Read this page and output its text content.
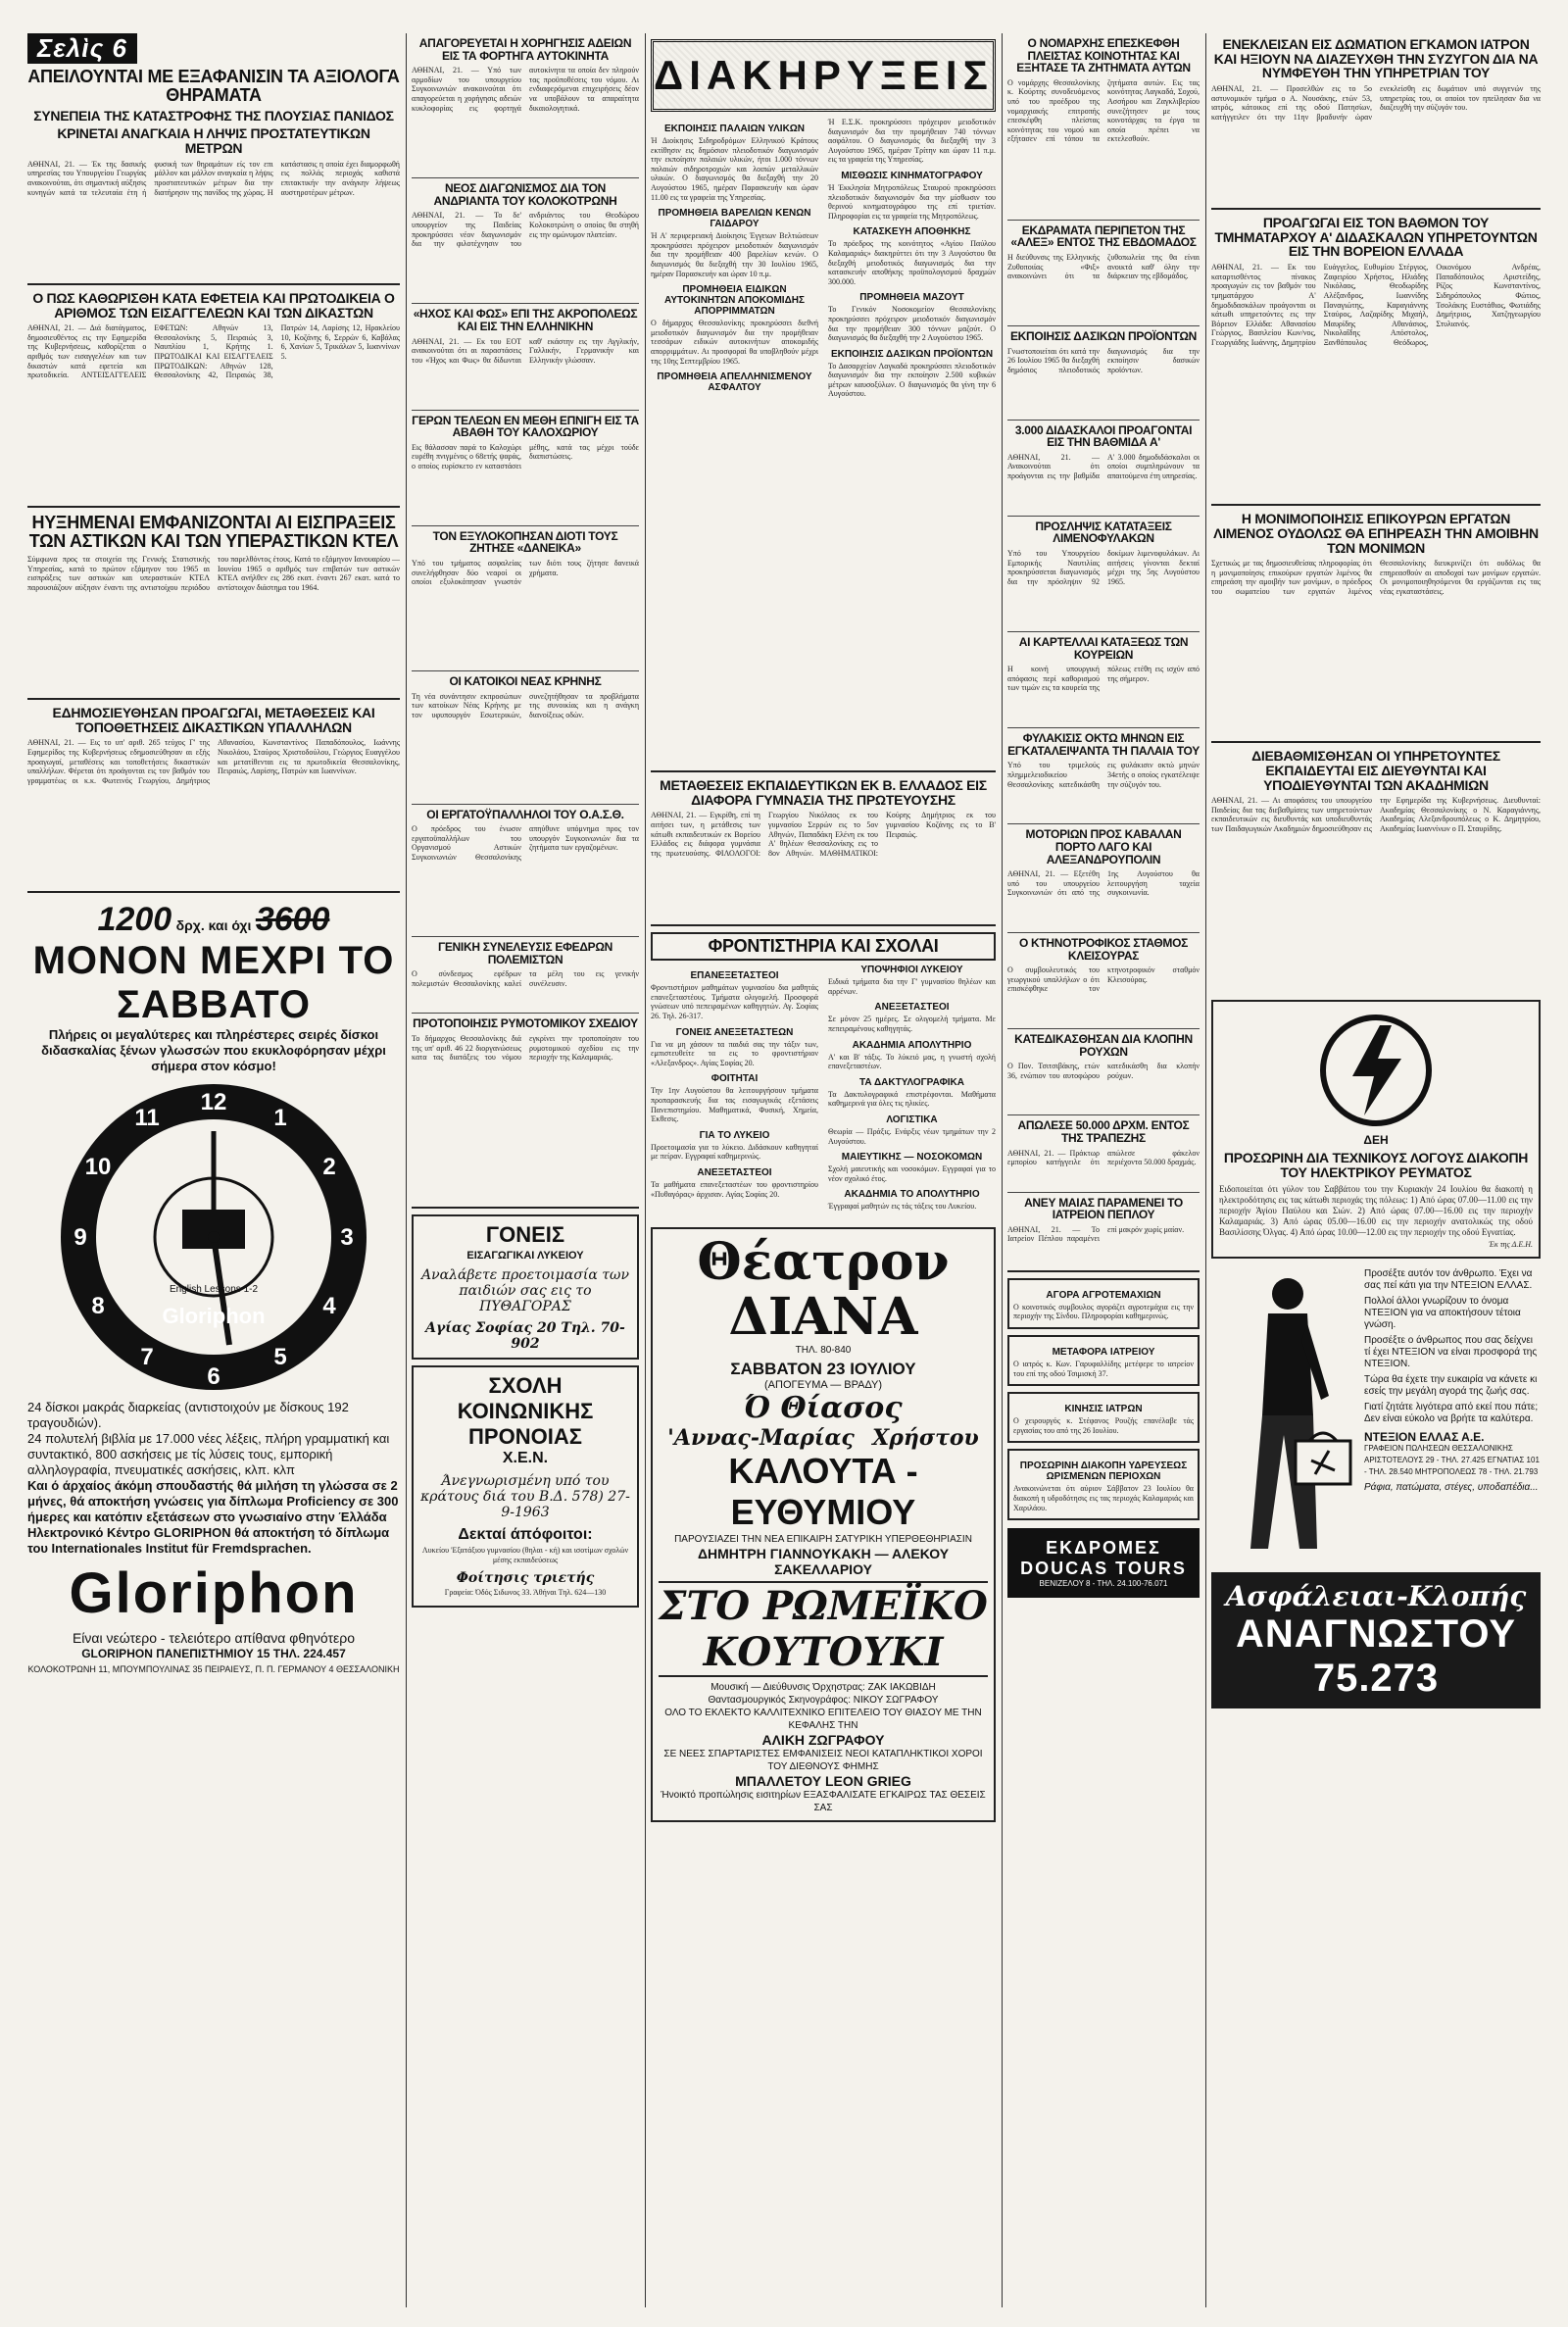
Σελὶς 6
ΑΠΕΙΛΟΥΝΤΑΙ ΜΕ ΕΞΑΦΑΝΙΣΙΝ ΤΑ ΑΞΙΟΛΟΓΑ ΘΗΡΑΜΑΤΑ
ΣΥΝΕΠΕΙΑ ΤΗΣ ΚΑΤΑΣΤΡΟΦΗΣ ΤΗΣ ΠΛΟΥΣΙΑΣ ΠΑΝΙΔΟΣ
ΚΡΙΝΕΤΑΙ ΑΝΑΓΚΑΙΑ Η ΛΗΨΙΣ ΠΡΟΣΤΑΤΕΥΤΙΚΩΝ ΜΕΤΡΩΝ
ΑΘΗΝΑΙ, 21. — Έκ της δασικής υπηρεσίας του Υπουργείου Γεωργίας ανακοινούται, ότι σημαντική αύξησις κυνηγών κατά τα τελευταία έτη ή φυσική των θηραμάτων είς τον επι μάλλον και μάλλον αναγκαία η λήψις προστατευτικών μέτρων δια την διατήρησιν της πανίδος της χώρας. Η κατάστασις η οποία έχει διαμορφωθή εις πολλάς περιοχάς καθιστά επιτακτικήν την ανάγκην λήψεως αυστηροτέρων μέτρων.
Ο ΠΩΣ ΚΑΘΩΡΙΣΘΗ ΚΑΤΑ ΕΦΕΤΕΙΑ ΚΑΙ ΠΡΩΤΟΔΙΚΕΙΑ Ο ΑΡΙΘΜΟΣ ΤΩΝ ΕΙΣΑΓΓΕΛΕΩΝ ΚΑΙ ΤΩΝ ΔΙΚΑΣΤΩΝ
ΑΘΗΝΑΙ, 21. — Διά διατάγματος, δημοσιευθέντος εις την Εφημερίδα της Κυβερνήσεως, καθορίζεται ο αριθμός των εισαγγελέων και των δικαστών κατά εφετεία και πρωτοδικεία. ΑΝΤΕΙΣΑΓΓΕΛΕΙΣ ΕΦΕΤΩΝ: Αθηνών 13, Θεσσαλονίκης 5, Πειραιώς 3, Ναυπλίου 1, Κρήτης 1. ΠΡΩΤΟΔΙΚΑΙ ΚΑΙ ΕΙΣΑΓΓΕΛΕΙΣ ΠΡΩΤΟΔΙΚΩΝ: Αθηνών 128, Θεσσαλονίκης 42, Πειραιώς 38, Πατρών 14, Λαρίσης 12, Ηρακλείου 10, Κοζάνης 6, Σερρών 6, Καβάλας 6, Χανίων 5, Τρικάλων 5, Ιωαννίνων 5.
ΗΥΞΗΜΕΝΑΙ ΕΜΦΑΝΙΖΟΝΤΑΙ ΑΙ ΕΙΣΠΡΑΞΕΙΣ ΤΩΝ ΑΣΤΙΚΩΝ ΚΑΙ ΤΩΝ ΥΠΕΡΑΣΤΙΚΩΝ ΚΤΕΛ
Σύμφωνα προς τα στοιχεία της Γενικής Στατιστικής Υπηρεσίας, κατά το πρώτον εξάμηνον του 1965 αι εισπράξεις των αστικών και υπεραστικών ΚΤΕΛ παρουσιάζουν αύξησιν έναντι της αντιστοίχου περιόδου του παρελθόντος έτους. Κατά το εξάμηνον Ιανουαρίου — Ιουνίου 1965 ο αριθμός των επιβατών των αστικών ΚΤΕΛ ανήλθεν εις 286 εκατ. έναντι 267 εκατ. κατά το αντίστοιχον διάστημα του 1964.
ΕΔΗΜΟΣΙΕΥΘΗΣΑΝ ΠΡΟΑΓΩΓΑΙ, ΜΕΤΑΘΕΣΕΙΣ ΚΑΙ ΤΟΠΟΘΕΤΗΣΕΙΣ ΔΙΚΑΣΤΙΚΩΝ ΥΠΑΛΛΗΛΩΝ
ΑΘΗΝΑΙ, 21. — Εις το υπ' αριθ. 265 τεύχος Γ' της Εφημερίδος της Κυβερνήσεως εδημοσιεύθησαν αι εξής προαγωγαί, μεταθέσεις και τοποθετήσεις δικαστικών υπαλλήλων. Φέρεται ότι προάγονται εις τον βαθμόν του γραμματέως οι κ.κ. Φωτεινός Γεωργίου, Δημήτριος Αθανασίου, Κωνσταντίνος Παπαδόπουλος, Ιωάννης Νικολάου, Σταύρος Χριστοδούλου, Γεώργιος Ευαγγέλου και μετατίθενται εις τα πρωτοδικεία Θεσσαλονίκης, Πειραιώς, Λαρίσης, Πατρών και Ιωαννίνων.
1200 δρχ. και όχι 3600
ΜΟΝΟΝ ΜΕΧΡΙ ΤΟ ΣΑΒΒΑΤΟ
Πλήρεις οι μεγαλύτερες και πληρέστερες σειρές δίσκοι διδασκαλίας ξένων γλωσσών που εκυκλοφόρησαν μέχρι σήμερα στον κόσμο!
12
1
2
3
4
5
6
7
8
9
10
11
English Lessons 1-2
Gloriphon
24 δίσκοι μακράς διαρκείας (αντιστοιχούν με δίσκους 192 τραγουδιών).
24 πολυτελή βιβλία με 17.000 νέες λέξεις, πλήρη γραμματική και συντακτικό, 800 ασκήσεις με τίς λύσεις τους, εμπορική αλληλογραφία, πνευματικές ασκήσεις, κλπ. κλπ
Και ό άρχαίος άκόμη σπουδαστής θά μιλήση τη γλώσσα σε 2 μήνες, θά αποκτήση γνώσεις για δίπλωμα Proficiency σε 300 ήμερες και κατόπιν εξετάσεων στο γνωσιαίνο στην Έλλάδα Ηλεκτρονικό Κέντρο GLORIPHON θά αποκτήση τό δίπλωμα του Internationales Institut für Fremdsprachen.
Gloriphon
Είναι νεώτερο - τελειότερο απίθανα φθηνότερο
GLORIPHON ΠΑΝΕΠΙΣΤΗΜΙΟΥ 15 ΤΗΛ. 224.457
ΚΟΛΟΚΟΤΡΩΝΗ 11, ΜΠΟΥΜΠΟΥΛΙΝΑΣ 35 ΠΕΙΡΑΙΕΥΣ, Π. Π. ΓΕΡΜΑΝΟΥ 4 ΘΕΣΣΑΛΟΝΙΚΗ
ΑΠΑΓΟΡΕΥΕΤΑΙ Η ΧΟΡΗΓΗΣΙΣ ΑΔΕΙΩΝ ΕΙΣ ΤΑ ΦΟΡΤΗΓΑ ΑΥΤΟΚΙΝΗΤΑ
ΑΘΗΝΑΙ, 21. — Υπό των αρμοδίων του υπουργείου Συγκοινωνιών ανακοινούται ότι απαγορεύεται η χορήγησις αδειών κυκλοφορίας εις φορτηγά αυτοκίνητα τα οποία δεν πληρούν τας προϋποθέσεις του νόμου. Αι ενδιαφερόμεναι επιχειρήσεις δέον να υποβάλουν τα απαραίτητα δικαιολογητικά.
ΝΕΟΣ ΔΙΑΓΩΝΙΣΜΟΣ ΔΙΑ ΤΟΝ ΑΝΔΡΙΑΝΤΑ ΤΟΥ ΚΟΛΟΚΟΤΡΩΝΗ
ΑΘΗΝΑΙ, 21. — Το δε' υπουργείον της Παιδείας προκηρύσσει νέον διαγωνισμόν δια την φιλοτέχνησιν του ανδριάντος του Θεοδώρου Κολοκοτρώνη ο οποίος θα στηθή εις την ομώνυμον πλατείαν.
«ΗΧΟΣ ΚΑΙ ΦΩΣ» ΕΠΙ ΤΗΣ ΑΚΡΟΠΟΛΕΩΣ ΚΑΙ ΕΙΣ ΤΗΝ ΕΛΛΗΝΙΚΗΝ
ΑΘΗΝΑΙ, 21. — Εκ του ΕΟΤ ανακοινούται ότι αι παραστάσεις του «Ήχος και Φως» θα δίδωνται καθ' εκάστην εις την Αγγλικήν, Γαλλικήν, Γερμανικήν και Ελληνικήν γλώσσαν.
ΓΕΡΩΝ ΤΕΛΕΩΝ ΕΝ ΜΕΘΗ ΕΠΝΙΓΗ ΕΙΣ ΤΑ ΑΒΑΘΗ ΤΟΥ ΚΑΛΟΧΩΡΙΟΥ
Εις θάλασσαν παρά το Καλοχώρι ευρέθη πνιγμένος ο 68ετής ψαράς, ο οποίος ευρίσκετο εν καταστάσει μέθης, κατά τας μέχρι τούδε διαπιστώσεις.
ΤΟΝ ΕΞΥΛΟΚΟΠΗΣΑΝ ΔΙΟΤΙ ΤΟΥΣ ΖΗΤΗΣΕ «ΔΑΝΕΙΚΑ»
Υπό του τμήματος ασφαλείας συνελήφθησαν δύο νεαροί οι οποίοι εξυλοκόπησαν γνωστόν των διότι τους ζήτησε δανεικά χρήματα.
ΟΙ ΚΑΤΟΙΚΟΙ ΝΕΑΣ ΚΡΗΝΗΣ
Τη νέα συνάντησιν εκπροσώπων των κατοίκων Νέας Κρήνης με τον υφυπουργόν Εσωτερικών, συνεζητήθησαν τα προβλήματα της συνοικίας και η ανάγκη διανοίξεως οδών.
ΟΙ ΕΡΓΑΤΟΫΠΑΛΛΗΛΟΙ ΤΟΥ Ο.Α.Σ.Θ.
Ο πρόεδρος του ένωσιν εργατοϋπαλλήλων του Οργανισμού Αστικών Συγκοινωνιών Θεσσαλονίκης απηύθυνε υπόμνημα προς τον υπουργόν Συγκοινωνιών δια τα ζητήματα των εργαζομένων.
ΓΕΝΙΚΗ ΣΥΝΕΛΕΥΣΙΣ ΕΦΕΔΡΩΝ ΠΟΛΕΜΙΣΤΩΝ
Ο σύνδεσμος εφέδρων πολεμιστών Θεσσαλονίκης καλεί τα μέλη του εις γενικήν συνέλευσιν.
ΠΡΟΤΟΠΟΙΗΣΙΣ ΡΥΜΟΤΟΜΙΚΟΥ ΣΧΕΔΙΟΥ
Το δήμαρχος Θεσσαλονίκης διά της υπ' αριθ. 46 22 διοργανώσεως κατα τας διατάξεις του νόμου εγκρίνει την τροποποίησιν του ρυμοτομικού σχεδίου εις την περιοχήν της Καλαμαριάς.
ΓΟΝΕΙΣ
ΕΙΣΑΓΩΓΙΚΑΙ ΛΥΚΕΙΟΥ
Αναλάβετε προετοιμασία των παιδιών σας εις το ΠΥΘΑΓΟΡΑΣ
Αγίας Σοφίας 20 Τηλ. 70-902
ΣΧΟΛΗ ΚΟΙΝΩΝΙΚΗΣ ΠΡΟΝΟΙΑΣ
Χ.Ε.Ν.
Άνεγνωρισμένη υπό του κράτους διά του Β.Δ. 578) 27-9-1963
Δεκταί άπόφοιτοι:
Λυκείου 'Εξατάξιου γυμνασίου (θηλαι - κή) και ισοτίμων σχολών μέσης εκπαιδεύσεως
Φοίτησις τριετής
Γραφεία: Όδός Σιδωνος 33. Άθήναι Τηλ. 624—130
ΔΙΑΚΗΡΥΞΕΙΣ
ΕΚΠΟΙΗΣΙΣ ΠΑΛΑΙΩΝ ΥΛΙΚΩΝ
Ή Διοίκησις Σιδηροδρόμων Ελληνικού Κράτους εκτίθησιν εις δημόσιον πλειοδοτικόν διαγωνισμόν την εκποίησιν παλαιών υλικών, ήτοι 1.000 τόννων παλαιών σιδηροτροχιών και λοιπών μεταλλικών υλικών. Ο διαγωνισμός θα διεξαχθή την 20 Αυγούστου 1965, ημέραν Παρασκευήν και ώραν 11.00 εις τα γραφεία της Υπηρεσίας.
ΠΡΟΜΗΘΕΙΑ ΒΑΡΕΛΙΩΝ ΚΕΝΩΝ ΓΑΙΔΑΡΟΥ
Ή Α' περιφερειακή Διοίκησις Έγγειων Βελτιώσεων προκηρύσσει πρόχειρον μειοδοτικόν διαγωνισμόν δια την προμήθειαν 400 βαρελίων κενών. Ο διαγωνισμός θα διεξαχθή την 30 Ιουλίου 1965, ημέραν Παρασκευήν και ώραν 10 π.μ.
ΠΡΟΜΗΘΕΙΑ ΕΙΔΙΚΩΝ ΑΥΤΟΚΙΝΗΤΩΝ ΑΠΟΚΟΜΙΔΗΣ ΑΠΟΡΡΙΜΜΑΤΩΝ
Ο δήμαρχος Θεσσαλονίκης προκηρύσσει διεθνή μειοδοτικόν διαγωνισμόν δια την προμήθειαν τεσσάρων ειδικών αυτοκινήτων αποκομιδής απορριμμάτων. Αι προσφοραί θα υποβληθούν μέχρι της 10ης Σεπτεμβρίου 1965.
ΠΡΟΜΗΘΕΙΑ ΑΠΕΛΛΗΝΙΣΜΕΝΟΥ ΑΣΦΑΛΤΟΥ
Ή Ε.Σ.Κ. προκηρύσσει πρόχειρον μειοδοτικόν διαγωνισμόν δια την προμήθειαν 740 τόννων ασφάλτου. Ο διαγωνισμός θα διεξαχθή την 3 Αυγούστου 1965, ημέραν Τρίτην και ώραν 11 π.μ. εις τα γραφεία της Υπηρεσίας.
ΜΙΣΘΩΣΙΣ ΚΙΝΗΜΑΤΟΓΡΑΦΟΥ
Ή Έκκλησία Μητροπόλεως Σταυρού προκηρύσσει πλειοδοτικόν διαγωνισμόν δια την μίσθωσιν του θερινού κινηματογράφου της επί τριετίαν. Πληροφορίαι εις τα γραφεία της Μητροπόλεως.
ΚΑΤΑΣΚΕΥΗ ΑΠΟΘΗΚΗΣ
Το πρόεδρος της κοινότητος «Αγίου Παύλου Καλαμαριάς» διακηρύττει ότι την 3 Αυγούστου θα διεξαχθή μειοδοτικός διαγωνισμός δια την κατασκευήν αποθήκης προϋπολογισμού δραχμών 300.000.
ΠΡΟΜΗΘΕΙΑ ΜΑΖΟΥΤ
Το Γενικόν Νοσοκομείον Θεσσαλονίκης προκηρύσσει πρόχειρον μειοδοτικόν διαγωνισμόν δια την προμήθειαν 300 τόννων μαζούτ. Ο διαγωνισμός θα διεξαχθή την 2 Αυγούστου 1965.
ΕΚΠΟΙΗΣΙΣ ΔΑΣΙΚΩΝ ΠΡΟΪΟΝΤΩΝ
Το Δασαρχείον Λαγκαδά προκηρύσσει πλειοδοτικόν διαγωνισμόν δια την εκποίησιν 2.500 κυβικών μέτρων καυσοξύλων. Ο διαγωνισμός θα γίνη την 6 Αυγούστου.
ΜΕΤΑΘΕΣΕΙΣ ΕΚΠΑΙΔΕΥΤΙΚΩΝ ΕΚ Β. ΕΛΛΑΔΟΣ ΕΙΣ ΔΙΑΦΟΡΑ ΓΥΜΝΑΣΙΑ ΤΗΣ ΠΡΩΤΕΥΟΥΣΗΣ
ΑΘΗΝΑΙ, 21. — Εγκρίθη, επί τη αιτήσει των, η μετάθεσις των κάτωθι εκπαιδευτικών εκ Βορείου Ελλάδος εις διάφορα γυμνάσια της πρωτευούσης. ΦΙΛΟΛΟΓΟΙ: Γεωργίου Νικόλαος εκ του γυμνασίου Σερρών εις το 5ον Αθηνών, Παπαδάκη Ελένη εκ του Α' θηλέων Θεσσαλονίκης εις το 8ον Αθηνών. ΜΑΘΗΜΑΤΙΚΟΙ: Κούρης Δημήτριος εκ του γυμνασίου Κοζάνης εις το Β' Πειραιώς.
ΦΡΟΝΤΙΣΤΗΡΙΑ ΚΑΙ ΣΧΟΛΑΙ
ΕΠΑΝΕΞΕΤΑΣΤΕΟΙ
Φροντιστήριον μαθημάτων γυμνασίου δια μαθητάς επανεξεταστέους. Τμήματα ολιγομελή. Προσφορά γνώσεων υπό πεπειραμένων καθηγητών. Αγ. Σοφίας 26. Τηλ. 26-317.
ΓΟΝΕΙΣ ΑΝΕΞΕΤΑΣΤΕΩΝ
Για να μη χάσουν τα παιδιά σας την τάξιν των, εμπιστευθείτε τα εις το φροντιστήριον «Αλεξανδρος». Αγίας Σοφίας 20.
ΦΟΙΤΗΤΑΙ
Την 1ην Αυγούστου θα λειτουργήσουν τμήματα προπαρασκευής δια τας εισαγωγικάς εξετάσεις Πανεπιστημίου. Μαθηματικά, Φυσική, Χημεία, Έκθεσις.
ΓΙΑ ΤΟ ΛΥΚΕΙΟ
Προετοιμασία για το λύκειο. Διδάσκουν καθηγηταί με πείραν. Εγγραφαί καθημερινώς.
ΑΝΕΞΕΤΑΣΤΕΟΙ
Τα μαθήματα επανεξεταστέων του φροντιστηρίου «Πυθαγόρας» άρχισαν. Αγίας Σοφίας 20.
ΥΠΟΨΗΦΙΟΙ ΛΥΚΕΙΟΥ
Ειδικά τμήματα δια την Γ' γυμνασίου θηλέων και αρρένων.
ΑΝΕΞΕΤΑΣΤΕΟΙ
Σε μόνον 25 ημέρες. Σε ολιγομελή τμήματα. Με πεπειραμένους καθηγητάς.
ΑΚΑΔΗΜΙΑ ΑΠΟΛΥΤΗΡΙΟ
Α' και Β' τάξις. Το λύκειό μας, η γνωστή σχολή επανεξεταστέων.
ΤΑ ΔΑΚΤΥΛΟΓΡΑΦΙΚΑ
Τα Δακτυλογραφικά επιστρέφονται. Μαθήματα καθημερινά για όλες τις ηλικίες.
ΛΟΓΙΣΤΙΚΑ
Θεωρία — Πράξις. Ενάρξις νέων τμημάτων την 2 Αυγούστου.
ΜΑΙΕΥΤΙΚΗΣ — ΝΟΣΟΚΟΜΩΝ
Σχολή μαιευτικής και νοσοκόμων. Εγγραφαί για το νέον σχολικό έτος.
ΑΚΑΔΗΜΙΑ ΤΟ ΑΠΟΛΥΤΗΡΙΟ
Έγγραφαί μαθητών εις τάς τάξεις του Λυκείου.
Θέατρον ΔΙΑΝΑ
ΤΗΛ. 80-840
ΣΑΒΒΑΤΟΝ 23 ΙΟΥΛΙΟΥ
(ΑΠΟΓΕΥΜΑ — ΒΡΑΔΥ)
Ό Θίασος
'Αννας-Μαρίας Χρήστου
ΚΑΛΟΥΤΑ - ΕΥΘΥΜΙΟΥ
ΠΑΡΟΥΣΙΑΖΕΙ ΤΗΝ ΝΕΑ ΕΠΙΚΑΙΡΗ ΣΑΤΥΡΙΚΗ ΥΠΕΡΘΕΘΗΡΙΑΣΙΝ
ΔΗΜΗΤΡΗ ΓΙΑΝΝΟΥΚΑΚΗ — ΑΛΕΚΟΥ ΣΑΚΕΛΛΑΡΙΟΥ
ΣΤΟ ΡΩΜΕΪΚΟ ΚΟΥΤΟΥΚΙ
Μουσική — Διεύθυνσις Όρχηστρας: ΖΑΚ ΙΑΚΩΒΙΔΗ
Θαντασμουργικός Σκηνογράφος: ΝΙΚΟΥ ΣΩΓΡΑΦΟΥ
ΟΛΟ ΤΟ ΕΚΛΕΚΤΟ ΚΑΛΛΙΤΕΧΝΙΚΟ ΕΠΙΤΕΛΕΙΟ ΤΟΥ ΘΙΑΣΟΥ ΜΕ ΤΗΝ ΚΕΦΑΛΗΣ ΤΗΝ
ΑΛΙΚΗ ΖΩΓΡΑΦΟΥ
ΣΕ ΝΕΕΣ ΣΠΑΡΤΑΡΙΣΤΕΣ ΕΜΦΑΝΙΣΕΙΣ ΝΕΟΙ ΚΑΤΑΠΛΗΚΤΙΚΟΙ ΧΟΡΟΙ ΤΟΥ ΔΙΕΘΝΟΥΣ ΦΗΜΗΣ
ΜΠΑΛΛΕΤΟΥ LEON GRIEG
Ήνοικτό προπώλησις εισιτηρίων ΕΞΑΣΦΑΛΙΣΑΤΕ ΕΓΚΑΙΡΩΣ ΤΑΣ ΘΕΣΕΙΣ ΣΑΣ
Ο ΝΟΜΑΡΧΗΣ ΕΠΕΣΚΕΦΘΗ ΠΛΕΙΣΤΑΣ ΚΟΙΝΟΤΗΤΑΣ ΚΑΙ ΕΞΗΤΑΣΕ ΤΑ ΖΗΤΗΜΑΤΑ ΑΥΤΩΝ
Ο νομάρχης Θεσσαλονίκης κ. Κούρτης συνοδευόμενος υπό του προέδρου της νομαρχιακής επιτροπής επεσκέφθη πλείστας κοινότητας του νομού και εξήτασεν επί τόπου τα ζητήματα αυτών. Εις τας κοινότητας Λαγκαδά, Σοχού, Ασσήρου και Ζαγκλιβερίου συνεζήτησεν με τους κοινοτάρχας τα έργα τα οποία πρέπει να εκτελεσθούν.
ΕΚΔΡΑΜΑΤΑ ΠΕΡΙΠΕΤΟΝ ΤΗΣ «ΑΛΕΞ» ΕΝΤΟΣ ΤΗΣ ΕΒΔΟΜΑΔΟΣ
Η διεύθυνσις της Ελληνικής Ζυθοποιίας «Φιξ» ανακοινώνει ότι τα ζυθοπωλεία της θα είναι ανοικτά καθ' όλην την διάρκειαν της εβδομάδος.
ΕΚΠΟΙΗΣΙΣ ΔΑΣΙΚΩΝ ΠΡΟΪΟΝΤΩΝ
Γνωστοποιείται ότι κατά την 26 Ιουλίου 1965 θα διεξαχθή δημόσιος πλειοδοτικός διαγωνισμός δια την εκποίησιν δασικών προϊόντων.
3.000 ΔΙΔΑΣΚΑΛΟΙ ΠΡΟΑΓΟΝΤΑΙ ΕΙΣ ΤΗΝ ΒΑΘΜΙΔΑ Α'
ΑΘΗΝΑΙ, 21. — Ανακοινούται ότι προάγονται εις την βαθμίδα Α' 3.000 δημοδιδάσκαλοι οι οποίοι συμπληρώνουν τα απαιτούμενα έτη υπηρεσίας.
ΠΡΟΣΛΗΨΙΣ ΚΑΤΑΤΑΞΕΙΣ ΛΙΜΕΝΟΦΥΛΑΚΩΝ
Υπό του Υπουργείου Εμπορικής Ναυτιλίας προκηρύσσεται διαγωνισμός δια την πρόσληψιν 92 δοκίμων λιμενοφυλάκων. Αι αιτήσεις γίνονται δεκταί μέχρι της 5ης Αυγούστου 1965.
ΑΙ ΚΑΡΤΕΛΛΑΙ ΚΑΤΑΞΕΩΣ ΤΩΝ ΚΟΥΡΕΙΩΝ
Η κοινή υπουργική απόφασις περί καθορισμού των τιμών εις τα κουρεία της πόλεως ετέθη εις ισχύν από της σήμερον.
ΦΥΛΑΚΙΣΙΣ ΟΚΤΩ ΜΗΝΩΝ ΕΙΣ ΕΓΚΑΤΑΛΕΙΨΑΝΤΑ ΤΗ ΠΑΛΑΙΑ ΤΟΥ
Υπό του τριμελούς πλημμελειοδικείου Θεσσαλονίκης κατεδικάσθη εις φυλάκισιν οκτώ μηνών 34ετής ο οποίος εγκατέλειψε την σύζυγόν του.
ΜΟΤΟΡΙΩΝ ΠΡΟΣ ΚΑΒΑΛΑΝ ΠΟΡΤΟ ΛΑΓΟ ΚΑΙ ΑΛΕΞΑΝΔΡΟΥΠΟΛΙΝ
ΑΘΗΝΑΙ, 21. — Εξετέθη υπό του υπουργείου Συγκοινωνιών ότι από της 1ης Αυγούστου θα λειτουργήση ταχεία συγκοινωνία.
Ο ΚΤΗΝΟΤΡΟΦΙΚΟΣ ΣΤΑΘΜΟΣ ΚΛΕΙΣΟΥΡΑΣ
Ο συμβουλευτικός του γεωργικού υπαλλήλων ο ότι επισκέφθηκε τον κτηνοτροφικόν σταθμόν Κλεισούρας.
ΚΑΤΕΔΙΚΑΣΘΗΣΑΝ ΔΙΑ ΚΛΟΠΗΝ ΡΟΥΧΩΝ
Ο Πον. Τσιτσιβάκης, ετών 36, ενώπιον του αυτοφώρου κατεδικάσθη δια κλοπήν ρούχων.
ΑΠΩΛΕΣΕ 50.000 ΔΡΧΜ. ΕΝΤΟΣ ΤΗΣ ΤΡΑΠΕΖΗΣ
ΑΘΗΝΑΙ, 21. — Πράκτωρ εμπορίου κατήγγειλε ότι απώλεσε φάκελον περιέχοντα 50.000 δραχμάς.
ΑΝΕΥ ΜΑΙΑΣ ΠΑΡΑΜΕΝΕΙ ΤΟ ΙΑΤΡΕΙΟΝ ΠΕΠΛΟΥ
ΑΘΗΝΑΙ, 21. — Το Ιατρείον Πέπλου παραμένει επί μακρόν χωρίς μαίαν.
ΑΓΟΡΑ ΑΓΡΟΤΕΜΑΧΙΩΝ
Ο κοινοτικός συμβουλος αγοράζει αγροτεμάχια εις την περιοχήν της Σίνδου. Πληροφορίαι καθημερινώς.
ΜΕΤΑΦΟΡΑ ΙΑΤΡΕΙΟΥ
Ο ιατρός κ. Κων. Γαρυφαλλίδης μετέφερε το ιατρείον του επί της οδού Τσιμισκή 37.
ΚΙΝΗΣΙΣ ΙΑΤΡΩΝ
Ο χειρουργός κ. Στέφανος Ρουζής επανέλαβε τάς εργασίας του από της 26 Ιουλίου.
ΠΡΟΣΩΡΙΝΗ ΔΙΑΚΟΠΗ ΥΔΡΕΥΣΕΩΣ ΩΡΙΣΜΕΝΩΝ ΠΕΡΙΟΧΩΝ
Ανακοινώνεται ότι αύριον Σάββατον 23 Ιουλίου θα διακοπή η υδροδότησις εις τας περιοχάς Καλαμαριάς και Χαριλάου.
ΕΚΔΡΟΜΕΣ
DOUCAS TOURS
ΒΕΝΙΖΕΛΟΥ 8 - ΤΗΛ. 24.100-76.071
ΕΝΕΚΛΕΙΣΑΝ ΕΙΣ ΔΩΜΑΤΙΟΝ ΕΓΚΑΜΟΝ ΙΑΤΡΟΝ ΚΑΙ ΗΞΙΟΥΝ ΝΑ ΔΙΑΖΕΥΧΘΗ ΤΗΝ ΣΥΖΥΓΟΝ ΔΙΑ ΝΑ ΝΥΜΦΕΥΘΗ ΤΗΝ ΥΠΗΡΕΤΡΙΑΝ ΤΟΥ
ΑΘΗΝΑΙ, 21. — Προσελθών εις το 5ο αστυνομικόν τμήμα ο Α. Νουσάκης, ετών 53, ιατρός, κάτοικος επί της οδού Πατησίων, κατήγγειλεν ότι την 11ην βραδυνήν ώραν ενεκλείσθη εις δωμάτιον υπό συγγενών της υπηρετρίας του, οι οποίοι τον ηπείλησαν δια να διαζευχθή την σύζυγόν του.
ΠΡΟΑΓΩΓΑΙ ΕΙΣ ΤΟΝ ΒΑΘΜΟΝ ΤΟΥ ΤΜΗΜΑΤΑΡΧΟΥ Α' ΔΙΔΑΣΚΑΛΩΝ ΥΠΗΡΕΤΟΥΝΤΩΝ ΕΙΣ ΤΗΝ ΒΟΡΕΙΟΝ ΕΛΛΑΔΑ
ΑΘΗΝΑΙ, 21. — Εκ του καταρτισθέντος πίνακος προαγωγών εις τον βαθμόν του τμηματάρχου Α' δημοδιδασκάλων προάγονται οι κάτωθι υπηρετούντες εις την Βόρειον Ελλάδα: Αθανασίου Γεώργιος, Βασιλείου Κων/νος, Γεωργιάδης Ιωάννης, Δημητρίου Ευάγγελος, Ευθυμίου Στέργιος, Ζαφειρίου Χρήστος, Ηλιάδης Νικόλαος, Θεοδωρίδης Αλέξανδρος, Ιωαννίδης Παναγιώτης, Καραγιάννης Σταύρος, Λαζαρίδης Μιχαήλ, Μαυρίδης Αθανάσιος, Νικολαΐδης Απόστολος, Ξανθόπουλος Θεόδωρος, Οικονόμου Ανδρέας, Παπαδόπουλος Αριστείδης, Ρίζος Κωνσταντίνος, Σιδηρόπουλος Φώτιος, Τσολάκης Ευστάθιος, Φωτιάδης Δημήτριος, Χατζηγεωργίου Στυλιανός.
Η ΜΟΝΙΜΟΠΟΙΗΣΙΣ ΕΠΙΚΟΥΡΩΝ ΕΡΓΑΤΩΝ ΛΙΜΕΝΟΣ ΟΥΔΟΛΩΣ ΘΑ ΕΠΗΡΕΑΣΗ ΤΗΝ ΑΜΟΙΒΗΝ ΤΩΝ ΜΟΝΙΜΩΝ
Σχετικώς με τας δημοσιευθείσας πληροφορίας ότι η μονιμοποίησις επικούρων εργατών λιμένος θα επηρεάση την αμοιβήν των μονίμων, ο πρόεδρος του σωματείου των εργατών λιμένος Θεσσαλονίκης διευκρινίζει ότι ουδόλως θα επηρεασθούν αι αποδοχαί των μονίμων εργατών. Οι μονιμοποιηθησόμενοι θα εργάζωνται εις τας νέας εγκαταστάσεις.
ΔΙΕΒΑΘΜΙΣΘΗΣΑΝ ΟΙ ΥΠΗΡΕΤΟΥΝΤΕΣ ΕΚΠΑΙΔΕΥΤΑΙ ΕΙΣ ΔΙΕΥΘΥΝΤΑΙ ΚΑΙ ΥΠΟΔΙΕΥΘΥΝΤΑΙ ΤΩΝ ΑΚΑΔΗΜΙΩΝ
ΑΘΗΝΑΙ, 21. — Αι αποφάσεις του υπουργείου Παιδείας δια τας διεβαθμίσεις των υπηρετούντων εκπαιδευτικών εις διευθυντάς και υποδιευθυντάς των Παιδαγωγικών Ακαδημιών δημοσιεύθησαν εις την Εφημερίδα της Κυβερνήσεως. Διευθυνταί: Ακαδημίας Θεσσαλονίκης ο Ν. Καραγιάννης, Ακαδημίας Αλεξανδρουπόλεως ο Κ. Δημητρίου, Ακαδημίας Ιωαννίνων ο Π. Σταυρίδης.
ΔΕΗ
ΠΡΟΣΩΡΙΝΗ ΔΙΑ ΤΕΧΝΙΚΟΥΣ ΛΟΓΟΥΣ ΔΙΑΚΟΠΗ ΤΟΥ ΗΛΕΚΤΡΙΚΟΥ ΡΕΥΜΑΤΟΣ
Ειδοποιείται ότι γύλον του Σαββάτου του την Κυριακήν 24 Ιουλίου θα διακοπή η ηλεκτροδότησις εις τας κάτωθι περιοχάς της πόλεως: 1) Από ώρας 07.00—11.00 εις την περιοχήν Άγίου Παύλου και Σιών. 2) Από ώρας 07.00—16.00 εις την περιοχήν Καλαμαριάς. 3) Από ώρας 05.00—16.00 εις την περιοχήν ανατολικώς της οδού Βασιλίσσης Όλγας. 4) Από ώρας 10.00—12.00 εις την περιοχήν της οδού Εγνατίας.
Έκ της Δ.Ε.Η.
Προσέξτε αυτόν τον άνθρωπο. Έχει να σας πεί κάτι για την ΝΤΕΞΙΟΝ ΕΛΛΑΣ.
Πολλοί άλλοι γνωρίζουν το όνομα ΝΤΕΞΙΟΝ για να αποκτήσουν τέτοια γνώση.
Προσέξτε ο άνθρωπος που σας δείχνει τί έχει ΝΤΕΞΙΟΝ να είναι προσφορά της ΝΤΕΞΙΟΝ.
Τώρα θα έχετε την ευκαιρία να κάνετε κι εσείς την μεγάλη αγορά της ζωής σας.
Γιατί ζητάτε λιγότερα από εκεί που πάτε; Δεν είναι εύκολο να βρήτε τα καλύτερα.
ΝΤΕΞΙΟΝ ΕΛΛΑΣ Α.Ε.
ΓΡΑΦΕΙΟΝ ΠΩΛΗΣΕΩΝ ΘΕΣΣΑΛΟΝΙΚΗΣ ΑΡΙΣΤΟΤΕΛΟΥΣ 29 - ΤΗΛ. 27.425 ΕΓΝΑΤΙΑΣ 101 - ΤΗΛ. 28.540 ΜΗΤΡΟΠΟΛΕΩΣ 78 - ΤΗΛ. 21.793
Ράφια, πατώματα, στέγες, υποδαπέδια...
Ασφάλειαι-Κλοπής
ΑΝΑΓΝΩΣΤΟΥ 75.273
